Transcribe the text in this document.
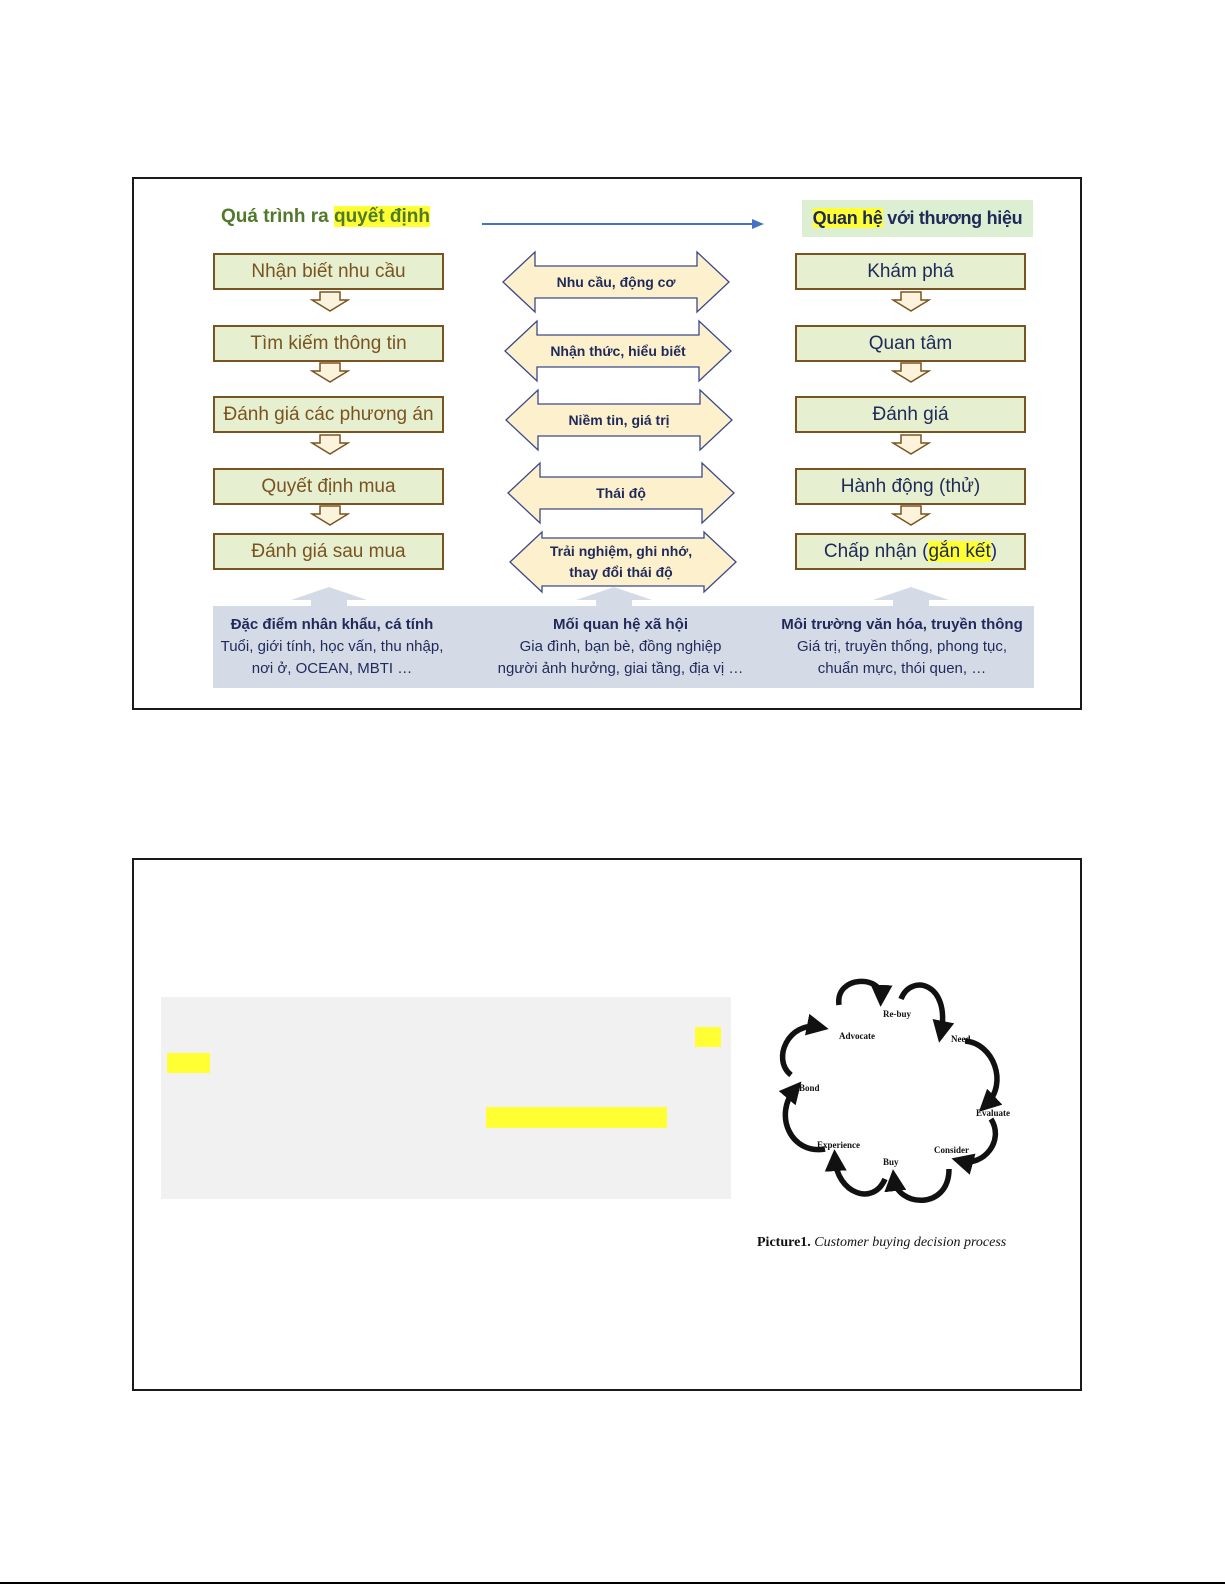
Quá trình ra quyết định	Quan hệ với thương hiệu
Nhận biết nhu cầu
Tìm kiếm thông tin
Đánh giá các phương án
Quyết định mua
Đánh giá sau mua
Khám phá
Quan tâm
Đánh giá
Hành động (thử)
Chấp nhận (gắn kết)
Nhu cầu, động cơ
Nhận thức, hiểu biết
Niềm tin, giá trị
Thái độ
Trải nghiệm, ghi nhớ,
thay đổi thái độ
Đặc điểm nhân khẩu, cá tính
Tuổi, giới tính, học vấn, thu nhập,
nơi ở, OCEAN, MBTI …
Mối quan hệ xã hội
Gia đình, bạn bè, đồng nghiệp
người ảnh hưởng, giai tầng, địa vị …
Môi trường văn hóa, truyền thông
Giá trị, truyền thống, phong tục,
chuẩn mực, thói quen, …
Re-buy
Need
Evaluate
Consider
Buy
Experience
Bond
Advocate
Picture1. Customer buying decision process
